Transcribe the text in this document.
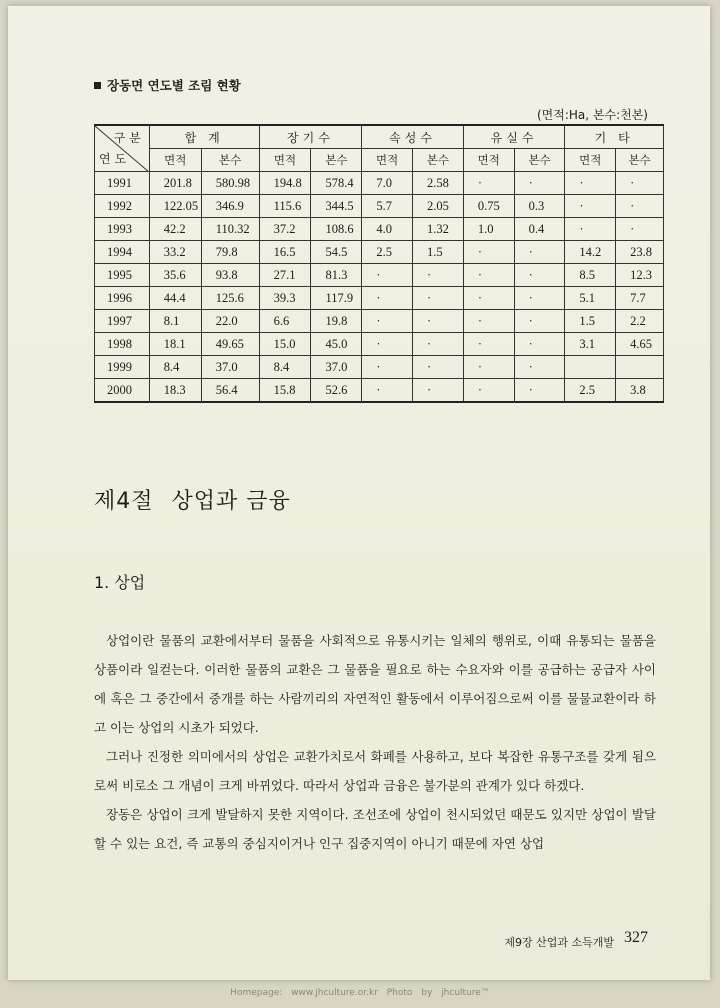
장동면 연도별 조림 현황
(면적:Ha, 본수:천본)
구분
연도	합 계		장기수		속성수		유실수		기 타	
	면적	본수	면적	본수	면적	본수	면적	본수	면적	본수
1991	201.8	580.98	194.8	578.4	7.0	2.58	·	·	·	·
1992	122.05	346.9	115.6	344.5	5.7	2.05	0.75	0.3	·	·
1993	42.2	110.32	37.2	108.6	4.0	1.32	1.0	0.4	·	·
1994	33.2	79.8	16.5	54.5	2.5	1.5	·	·	14.2	23.8
1995	35.6	93.8	27.1	81.3	·	·	·	·	8.5	12.3
1996	44.4	125.6	39.3	117.9	·	·	·	·	5.1	7.7
1997	8.1	22.0	6.6	19.8	·	·	·	·	1.5	2.2
1998	18.1	49.65	15.0	45.0	·	·	·	·	3.1	4.65
1999	8.4	37.0	8.4	37.0	·	·	·	·		
2000	18.3	56.4	15.8	52.6	·	·	·	·	2.5	3.8
제4절 상업과 금융
1. 상업

상업이란 물품의 교환에서부터 물품을 사회적으로 유통시키는 일체의 행위로, 이때 유통되는 물품을 상품이라 일컫는다. 이러한 물품의 교환은 그 물품을 필요로 하는 수요자와 이를 공급하는 공급자 사이에 혹은 그 중간에서 중개를 하는 사람끼리의 자연적인 활동에서 이루어짐으로써 이를 물물교환이라 하고 이는 상업의 시초가 되었다.

그러나 진정한 의미에서의 상업은 교환가치로서 화폐를 사용하고, 보다 복잡한 유통구조를 갖게 됨으로써 비로소 그 개념이 크게 바뀌었다. 따라서 상업과 금융은 불가분의 관계가 있다 하겠다.

장동은 상업이 크게 발달하지 못한 지역이다. 조선조에 상업이 천시되었던 때문도 있지만 상업이 발달할 수 있는 요건, 즉 교통의 중심지이거나 인구 집중지역이 아니기 때문에 자연 상업

제9장 산업과 소득개발 327
Homepage: www.jhculture.or.kr Photo by jhculture™
